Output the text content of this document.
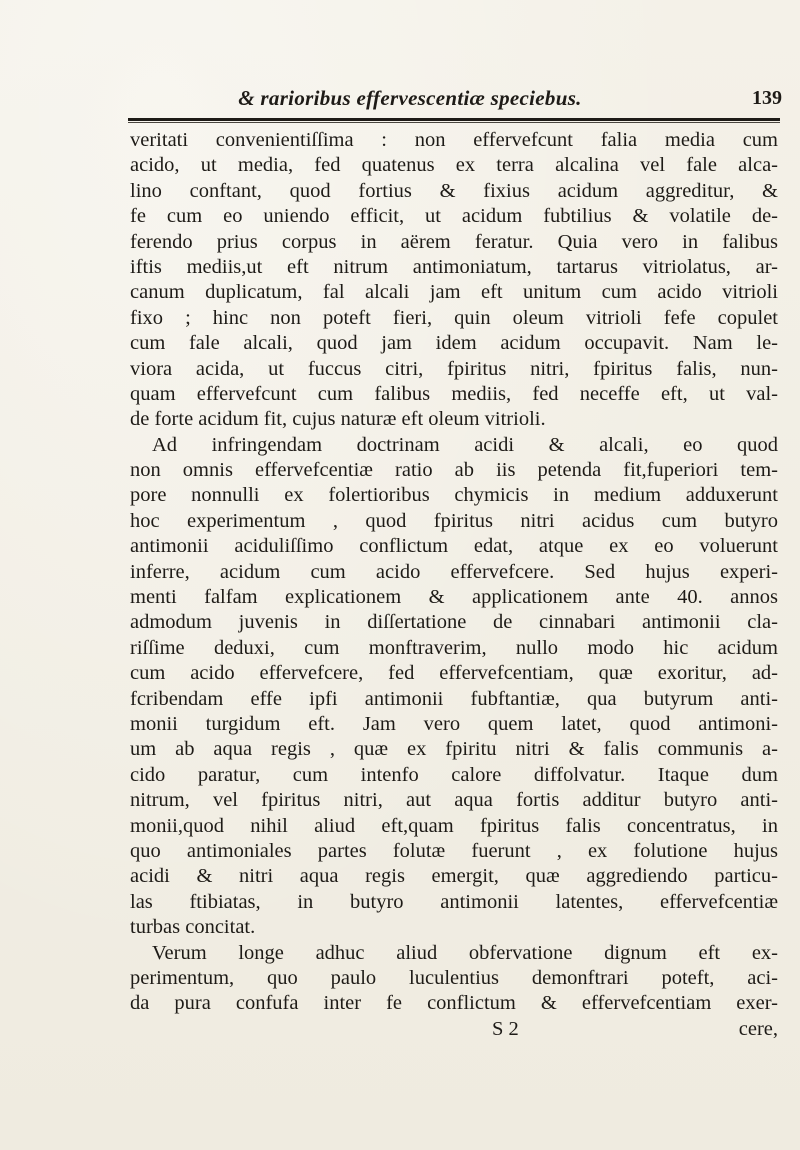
& rarioribus effervescentiæ speciebus.	139
veritati convenientiſſima : non effervefcunt falia media cum
acido, ut media, fed quatenus ex terra alcalina vel fale alca-
lino conftant, quod fortius & fixius acidum aggreditur, &
fe cum eo uniendo efficit, ut acidum fubtilius & volatile de-
ferendo prius corpus in aërem feratur. Quia vero in falibus
iftis mediis,ut eft nitrum antimoniatum, tartarus vitriolatus, ar-
canum duplicatum, fal alcali jam eft unitum cum acido vitrioli
fixo ; hinc non poteft fieri, quin oleum vitrioli fefe copulet
cum fale alcali, quod jam idem acidum occupavit. Nam le-
viora acida, ut fuccus citri, fpiritus nitri, fpiritus falis, nun-
quam effervefcunt cum falibus mediis, fed neceffe eft, ut val-
de forte acidum fit, cujus naturæ eft oleum vitrioli.
Ad infringendam doctrinam acidi & alcali, eo quod
non omnis effervefcentiæ ratio ab iis petenda fit,fuperiori tem-
pore nonnulli ex folertioribus chymicis in medium adduxerunt
hoc experimentum , quod fpiritus nitri acidus cum butyro
antimonii aciduliſſimo conflictum edat, atque ex eo voluerunt
inferre, acidum cum acido effervefcere. Sed hujus experi-
menti falfam explicationem & applicationem ante 40. annos
admodum juvenis in diſſertatione de cinnabari antimonii cla-
riſſime deduxi, cum monftraverim, nullo modo hic acidum
cum acido effervefcere, fed effervefcentiam, quæ exoritur, ad-
fcribendam effe ipfi antimonii fubftantiæ, qua butyrum anti-
monii turgidum eft. Jam vero quem latet, quod antimoni-
um ab aqua regis , quæ ex fpiritu nitri & falis communis a-
cido paratur, cum intenfo calore diffolvatur. Itaque dum
nitrum, vel fpiritus nitri, aut aqua fortis additur butyro anti-
monii,quod nihil aliud eft,quam fpiritus falis concentratus, in
quo antimoniales partes folutæ fuerunt , ex folutione hujus
acidi & nitri aqua regis emergit, quæ aggrediendo particu-
las ftibiatas, in butyro antimonii latentes, effervefcentiæ
turbas concitat.
Verum longe adhuc aliud obfervatione dignum eft ex-
perimentum, quo paulo luculentius demonftrari poteft, aci-
da pura confufa inter fe conflictum & effervefcentiam exer-
S 2	cere,
